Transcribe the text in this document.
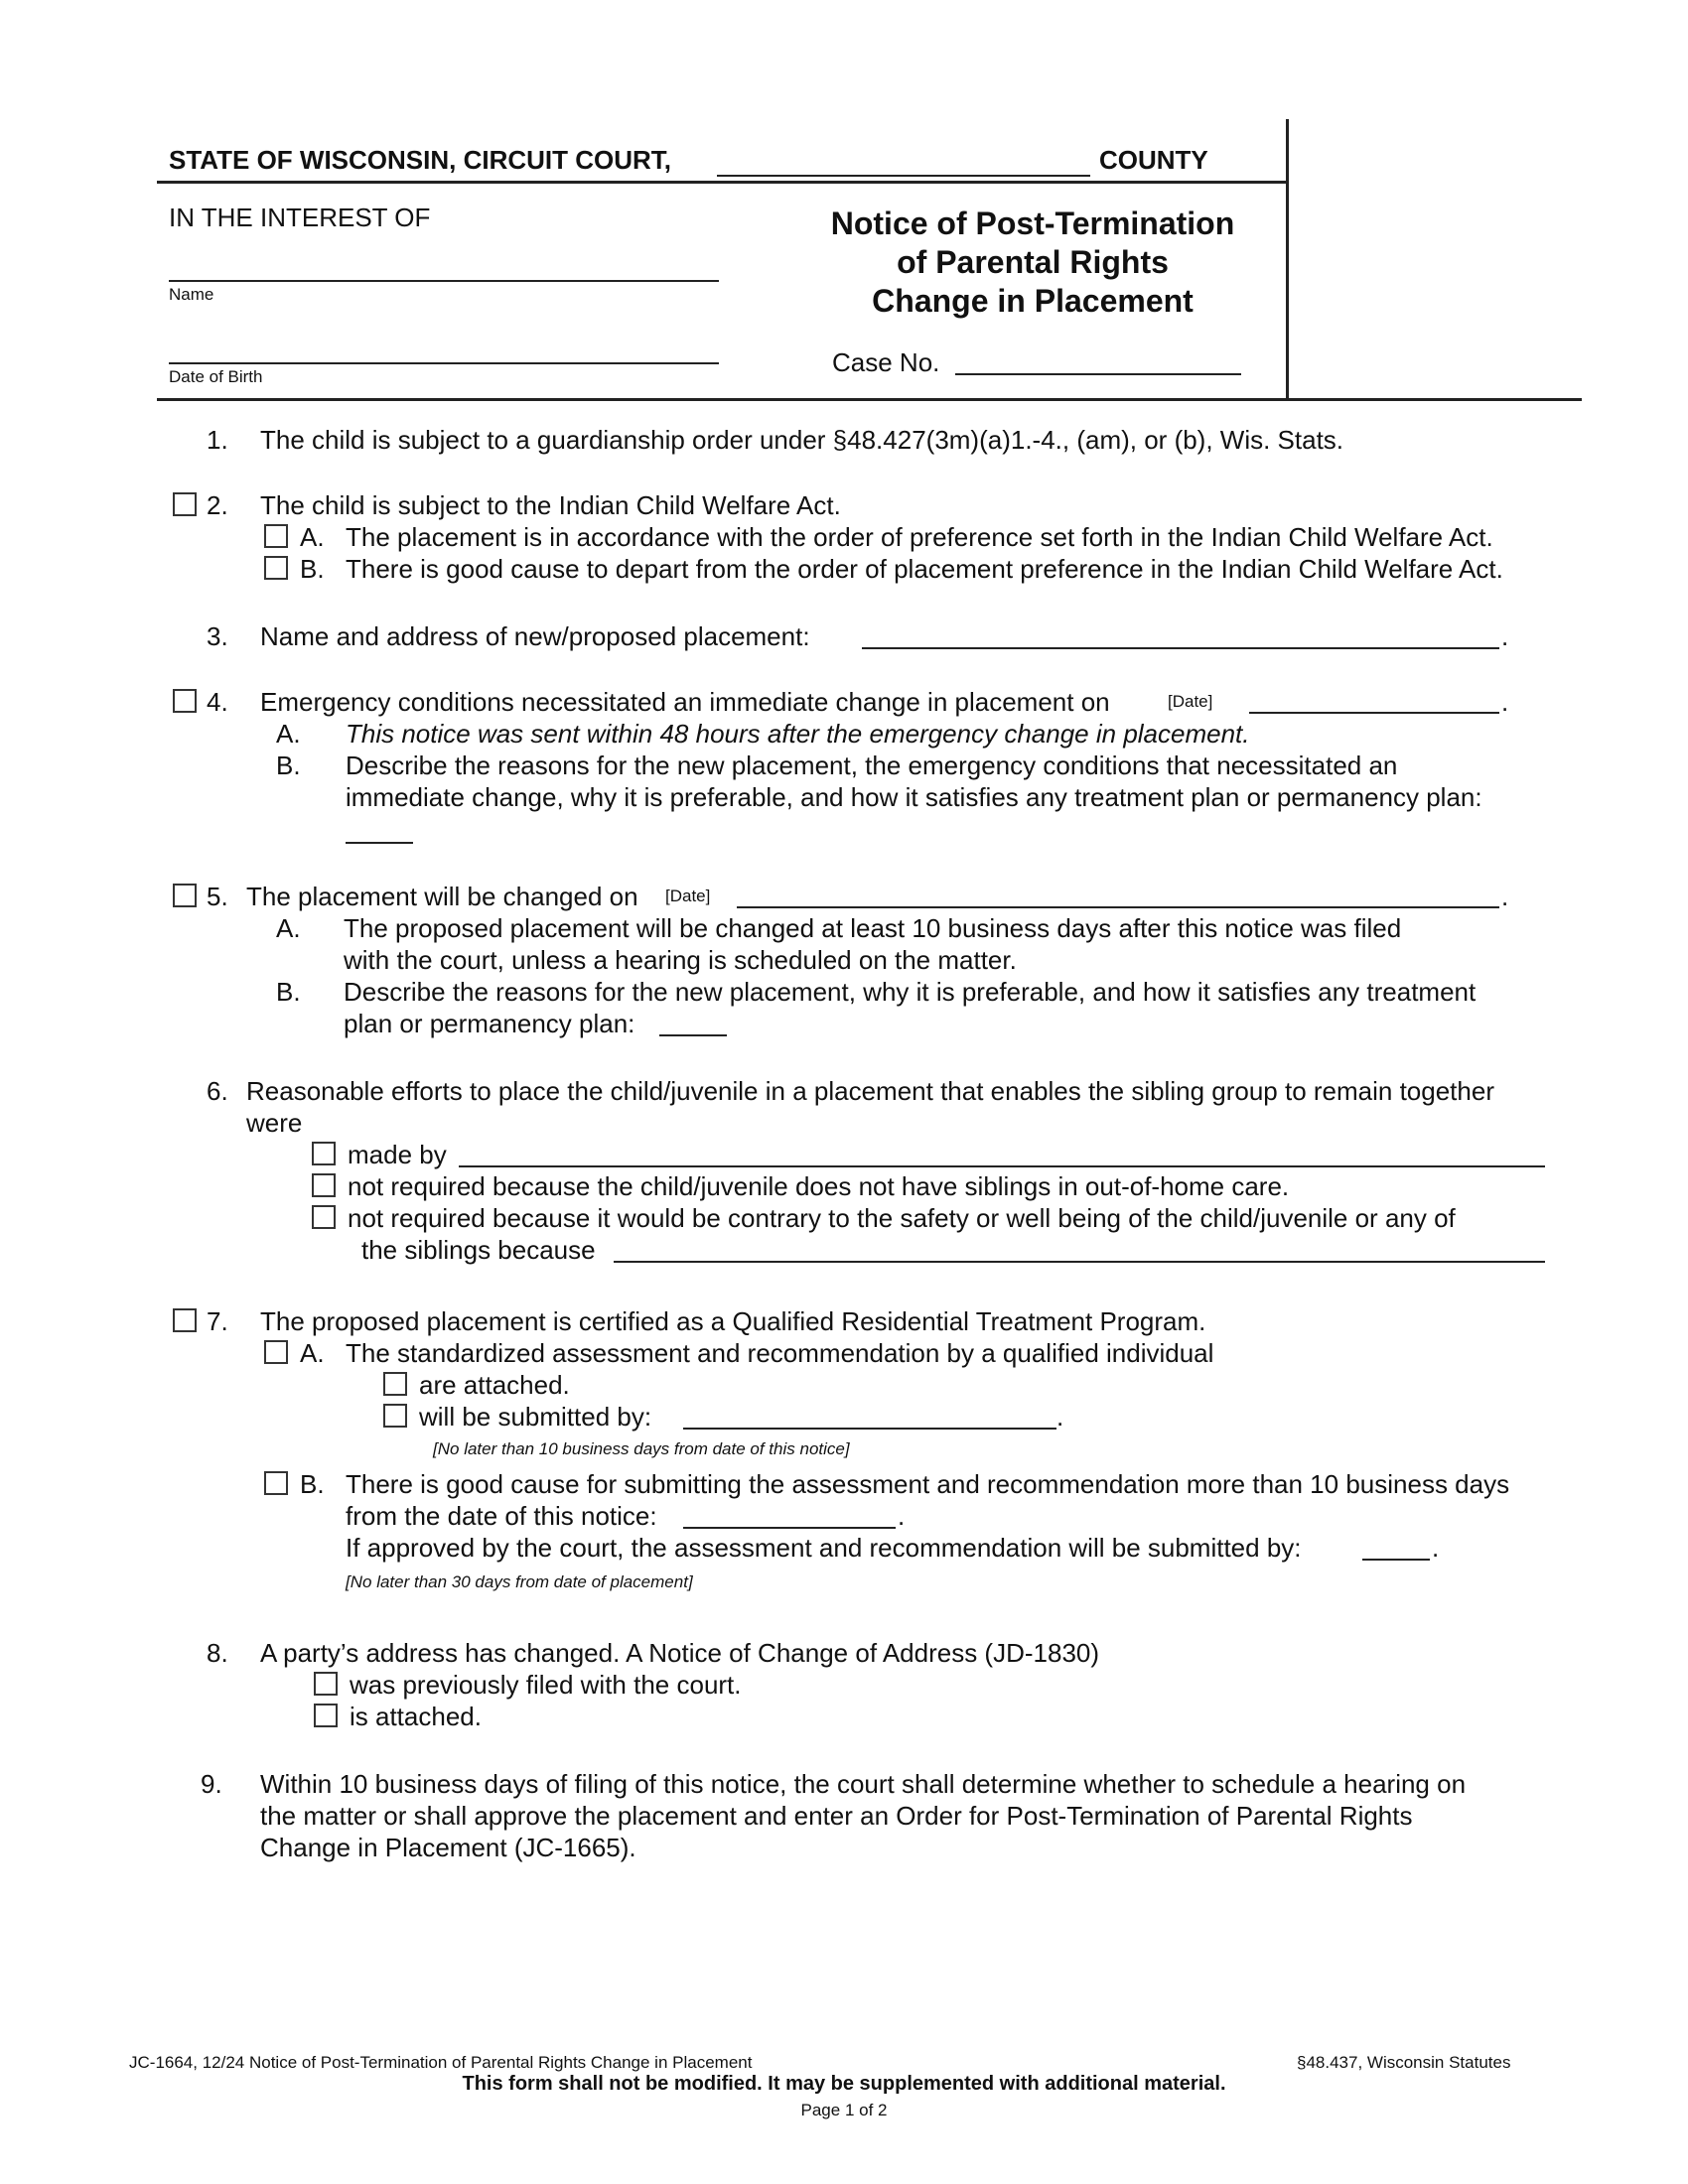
STATE OF WISCONSIN, CIRCUIT COURT,	COUNTY
IN THE INTEREST OF
Name
Date of Birth
Notice of Post-Termination
of Parental Rights
Change in Placement
Case No.
1. The child is subject to a guardianship order under §48.427(3m)(a)1.-4., (am), or (b), Wis. Stats.
2. The child is subject to the Indian Child Welfare Act.
A. The placement is in accordance with the order of preference set forth in the Indian Child Welfare Act.
B. There is good cause to depart from the order of placement preference in the Indian Child Welfare Act.
3. Name and address of new/proposed placement:	.
4. Emergency conditions necessitated an immediate change in placement on	[Date]	.
A. This notice was sent within 48 hours after the emergency change in placement.
B. Describe the reasons for the new placement, the emergency conditions that necessitated an
immediate change, why it is preferable, and how it satisfies any treatment plan or permanency plan:
5. The placement will be changed on [Date]	.
A. The proposed placement will be changed at least 10 business days after this notice was filed
with the court, unless a hearing is scheduled on the matter.
B. Describe the reasons for the new placement, why it is preferable, and how it satisfies any treatment
plan or permanency plan:
6. Reasonable efforts to place the child/juvenile in a placement that enables the sibling group to remain together
were
made by
not required because the child/juvenile does not have siblings in out-of-home care.
not required because it would be contrary to the safety or well being of the child/juvenile or any of
the siblings because
7. The proposed placement is certified as a Qualified Residential Treatment Program.
A. The standardized assessment and recommendation by a qualified individual
are attached.
will be submitted by:	.
[No later than 10 business days from date of this notice]
B. There is good cause for submitting the assessment and recommendation more than 10 business days
from the date of this notice:	.
If approved by the court, the assessment and recommendation will be submitted by:	.
[No later than 30 days from date of placement]
8. A party’s address has changed. A Notice of Change of Address (JD-1830)
was previously filed with the court.
is attached.
9. Within 10 business days of filing of this notice, the court shall determine whether to schedule a hearing on
the matter or shall approve the placement and enter an Order for Post-Termination of Parental Rights
Change in Placement (JC-1665).
JC-1664, 12/24 Notice of Post-Termination of Parental Rights Change in Placement	§48.437, Wisconsin Statutes
This form shall not be modified. It may be supplemented with additional material.
Page 1 of 2
